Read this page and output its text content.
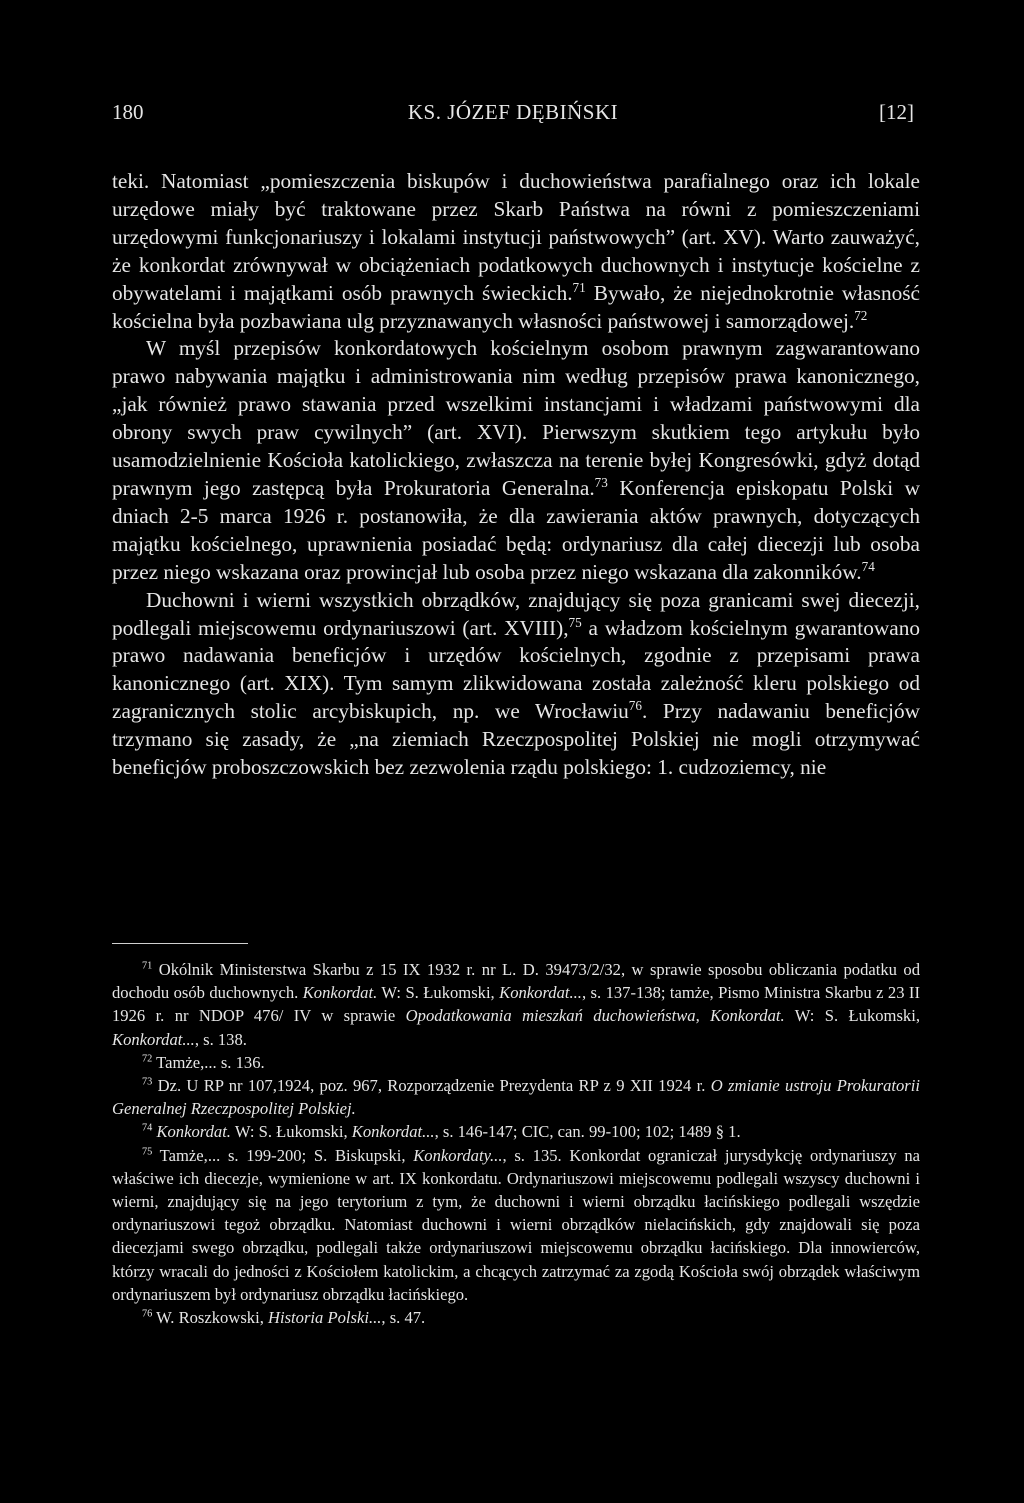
180	KS. JÓZEF DĘBIŃSKI	[12]

teki. Natomiast „pomieszczenia biskupów i duchowieństwa parafialnego oraz ich lokale urzędowe miały być traktowane przez Skarb Państwa na równi z pomieszczeniami urzędowymi funkcjonariuszy i lokalami instytucji państwowych” (art. XV). Warto zauważyć, że konkordat zrównywał w obciążeniach podatkowych duchownych i instytucje kościelne z obywatelami i majątkami osób prawnych świeckich.$^{71}$ Bywało, że niejednokrotnie własność kościelna była pozbawiana ulg przyznawanych własności państwowej i samorządowej.$^{72}$

W myśl przepisów konkordatowych kościelnym osobom prawnym zagwarantowano prawo nabywania majątku i administrowania nim według przepisów prawa kanonicznego, „jak również prawo stawania przed wszelkimi instancjami i władzami państwowymi dla obrony swych praw cywilnych” (art. XVI). Pierwszym skutkiem tego artykułu było usamodzielnienie Kościoła katolickiego, zwłaszcza na terenie byłej Kongresówki, gdyż dotąd prawnym jego zastępcą była Prokuratoria Generalna.$^{73}$ Konferencja episkopatu Polski w dniach 2-5 marca 1926 r. postanowiła, że dla zawierania aktów prawnych, dotyczących majątku kościelnego, uprawnienia posiadać będą: ordynariusz dla całej diecezji lub osoba przez niego wskazana oraz prowincjał lub osoba przez niego wskazana dla zakonników.$^{74}$

Duchowni i wierni wszystkich obrządków, znajdujący się poza granicami swej diecezji, podlegali miejscowemu ordynariuszowi (art. XVIII),$^{75}$ a władzom kościelnym gwarantowano prawo nadawania beneficjów i urzędów kościelnych, zgodnie z przepisami prawa kanonicznego (art. XIX). Tym samym zlikwidowana została zależność kleru polskiego od zagranicznych stolic arcybiskupich, np. we Wrocławiu$^{76}$. Przy nadawaniu beneficjów trzymano się zasady, że „na ziemiach Rzeczpospolitej Polskiej nie mogli otrzymywać beneficjów proboszczowskich bez zezwolenia rządu polskiego: 1. cudzoziemcy, nie

$^{71}$ Okólnik Ministerstwa Skarbu z 15 IX 1932 r. nr L. D. 39473/2/32, w sprawie sposobu obliczania podatku od dochodu osób duchownych. Konkordat. W: S. Łukomski, Konkordat..., s. 137-138; tamże, Pismo Ministra Skarbu z 23 II 1926 r. nr NDOP 476/ IV w sprawie Opodatkowania mieszkań duchowieństwa, Konkordat. W: S. Łukomski, Konkordat..., s. 138.

$^{72}$ Tamże,... s. 136.

$^{73}$ Dz. U RP nr 107,1924, poz. 967, Rozporządzenie Prezydenta RP z 9 XII 1924 r. O zmianie ustroju Prokuratorii Generalnej Rzeczpospolitej Polskiej.

$^{74}$ Konkordat. W: S. Łukomski, Konkordat..., s. 146-147; CIC, can. 99-100; 102; 1489 § 1.

$^{75}$ Tamże,... s. 199-200; S. Biskupski, Konkordaty..., s. 135. Konkordat ograniczał jurysdykcję ordynariuszy na właściwe ich diecezje, wymienione w art. IX konkordatu. Ordynariuszowi miejscowemu podlegali wszyscy duchowni i wierni, znajdujący się na jego terytorium z tym, że duchowni i wierni obrządku łacińskiego podlegali wszędzie ordynariuszowi tegoż obrządku. Natomiast duchowni i wierni obrządków nielacińskich, gdy znajdowali się poza diecezjami swego obrządku, podlegali także ordynariuszowi miejscowemu obrządku łacińskiego. Dla innowierców, którzy wracali do jedności z Kościołem katolickim, a chcących zatrzymać za zgodą Kościoła swój obrządek właściwym ordynariuszem był ordynariusz obrządku łacińskiego.

$^{76}$ W. Roszkowski, Historia Polski..., s. 47.
